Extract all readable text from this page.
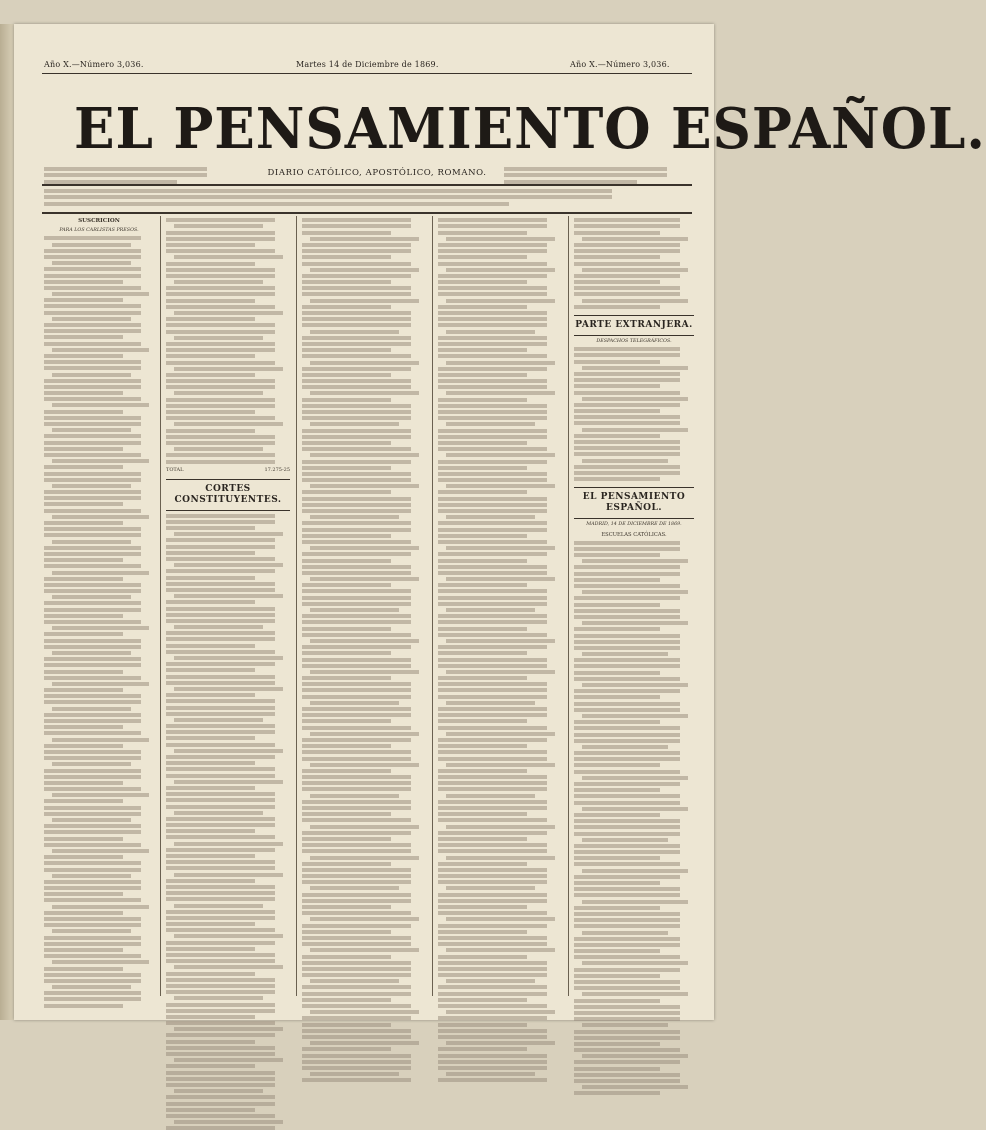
Año X.—Número 3,036.	Martes 14 de Diciembre de 1869.	Año X.—Número 3,036.
EL PENSAMIENTO ESPAÑOL.
DIARIO CATÓLICO, APOSTÓLICO, ROMANO.
SUSCRICION
PARA LOS CARLISTAS PRESOS.
TOTAL	17.275-25
CORTES CONSTITUYENTES.
PARTE EXTRANJERA.
DESPACHOS TELEGRÁFICOS.
EL PENSAMIENTO ESPAÑOL.
MADRID, 14 DE DICIEMBRE DE 1869.
ESCUELAS CATÓLICAS.
